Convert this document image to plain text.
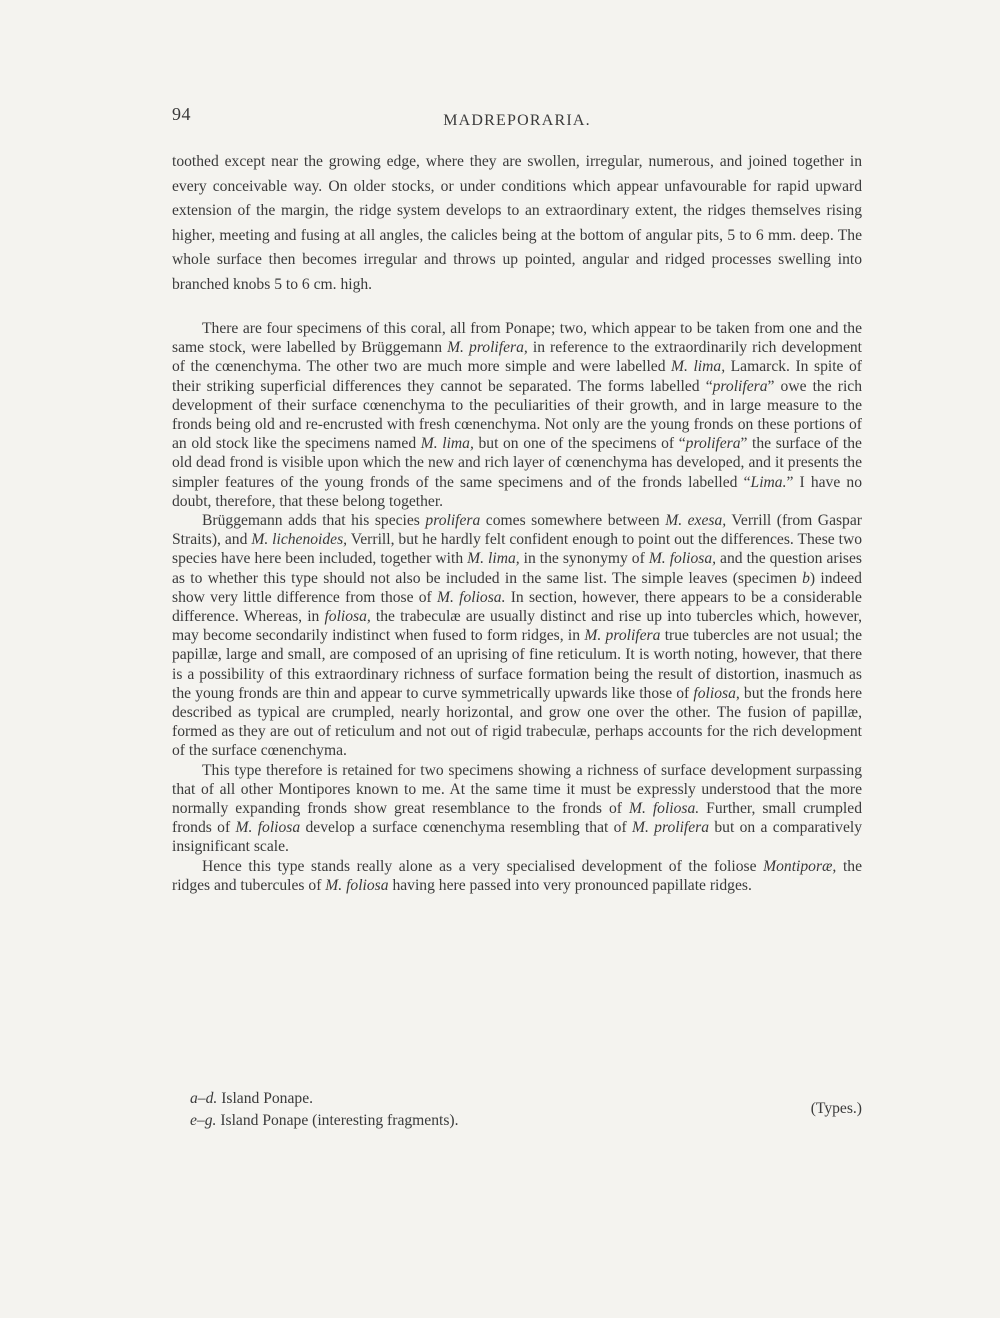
94	MADREPORARIA.

toothed except near the growing edge, where they are swollen, irregular, numerous, and joined together in every conceivable way. On older stocks, or under conditions which appear unfavourable for rapid upward extension of the margin, the ridge system develops to an extraordinary extent, the ridges themselves rising higher, meeting and fusing at all angles, the calicles being at the bottom of angular pits, 5 to 6 mm. deep. The whole surface then becomes irregular and throws up pointed, angular and ridged processes swelling into branched knobs 5 to 6 cm. high.

There are four specimens of this coral, all from Ponape; two, which appear to be taken from one and the same stock, were labelled by Brüggemann M. prolifera, in reference to the extraordinarily rich development of the cœnenchyma. The other two are much more simple and were labelled M. lima, Lamarck. In spite of their striking superficial differences they cannot be separated. The forms labelled “prolifera” owe the rich development of their surface cœnenchyma to the peculiarities of their growth, and in large measure to the fronds being old and re-encrusted with fresh cœnenchyma. Not only are the young fronds on these portions of an old stock like the specimens named M. lima, but on one of the specimens of “prolifera” the surface of the old dead frond is visible upon which the new and rich layer of cœnenchyma has developed, and it presents the simpler features of the young fronds of the same specimens and of the fronds labelled “Lima.” I have no doubt, therefore, that these belong together.

Brüggemann adds that his species prolifera comes somewhere between M. exesa, Verrill (from Gaspar Straits), and M. lichenoides, Verrill, but he hardly felt confident enough to point out the differences. These two species have here been included, together with M. lima, in the synonymy of M. foliosa, and the question arises as to whether this type should not also be included in the same list. The simple leaves (specimen b) indeed show very little difference from those of M. foliosa. In section, however, there appears to be a considerable difference. Whereas, in foliosa, the trabeculæ are usually distinct and rise up into tubercles which, however, may become secondarily indistinct when fused to form ridges, in M. prolifera true tubercles are not usual; the papillæ, large and small, are composed of an uprising of fine reticulum. It is worth noting, however, that there is a possibility of this extraordinary richness of surface formation being the result of distortion, inasmuch as the young fronds are thin and appear to curve symmetrically upwards like those of foliosa, but the fronds here described as typical are crumpled, nearly horizontal, and grow one over the other. The fusion of papillæ, formed as they are out of reticulum and not out of rigid trabeculæ, perhaps accounts for the rich development of the surface cœnenchyma.

This type therefore is retained for two specimens showing a richness of surface development surpassing that of all other Montipores known to me. At the same time it must be expressly understood that the more normally expanding fronds show great resemblance to the fronds of M. foliosa. Further, small crumpled fronds of M. foliosa develop a surface cœnenchyma resembling that of M. prolifera but on a comparatively insignificant scale.

Hence this type stands really alone as a very specialised development of the foliose Montiporæ, the ridges and tubercules of M. foliosa having here passed into very pronounced papillate ridges.

a–d. Island Ponape.
e–g. Island Ponape (interesting fragments).
(Types.)
